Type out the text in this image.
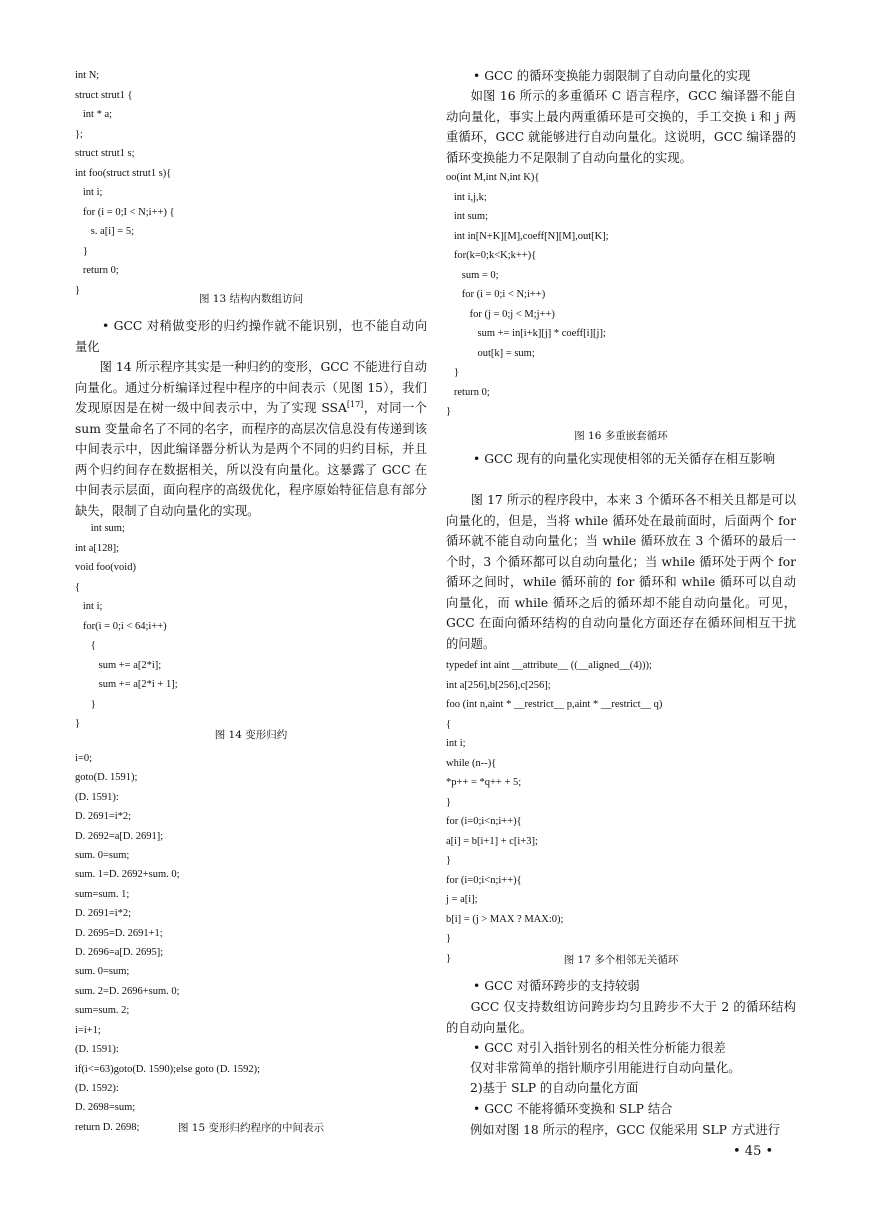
int N;
struct strut1 {
int * a;
};
struct strut1 s;
int foo(struct strut1 s){
int i;
for (i = 0;I < N;i++) {
s. a[i] = 5;
}
return 0;
}
图 13 结构内数组访问
• GCC 对稍做变形的归约操作就不能识别，也不能自动向量化
图 14 所示程序其实是一种归约的变形，GCC 不能进行自动向量化。通过分析编译过程中程序的中间表示（见图 15），我们发现原因是在树一级中间表示中，为了实现 SSA[17]，对同一个 sum 变量命名了不同的名字，而程序的高层次信息没有传递到该中间表示中，因此编译器分析认为是两个不同的归约目标，并且两个归约间存在数据相关，所以没有向量化。这暴露了 GCC 在中间表示层面，面向程序的高级优化，程序原始特征信息有部分缺失，限制了自动向量化的实现。
int sum;
int a[128];
void foo(void)
{
int i;
for(i = 0;i < 64;i++)
{
sum += a[2*i];
sum += a[2*i + 1];
}
}
图 14 变形归约
i=0;
goto(D. 1591);
(D. 1591):
D. 2691=i*2;
D. 2692=a[D. 2691];
sum. 0=sum;
sum. 1=D. 2692+sum. 0;
sum=sum. 1;
D. 2691=i*2;
D. 2695=D. 2691+1;
D. 2696=a[D. 2695];
sum. 0=sum;
sum. 2=D. 2696+sum. 0;
sum=sum. 2;
i=i+1;
(D. 1591):
if(i<=63)goto(D. 1590);else goto (D. 1592);
(D. 1592):
D. 2698=sum;
return D. 2698;	图 15 变形归约程序的中间表示
• GCC 的循环变换能力弱限制了自动向量化的实现
如图 16 所示的多重循环 C 语言程序，GCC 编译器不能自动向量化，事实上最内两重循环是可交换的，手工交换 i 和 j 两重循环，GCC 就能够进行自动向量化。这说明，GCC 编译器的循环变换能力不足限制了自动向量化的实现。
oo(int M,int N,int K){
int i,j,k;
int sum;
int in[N+K][M],coeff[N][M],out[K];
for(k=0;k<K;k++){
sum = 0;
for (i = 0;i < N;i++)
for (j = 0;j < M;j++)
sum += in[i+k][j] * coeff[i][j];
out[k] = sum;
}
return 0;
}
图 16 多重嵌套循环
• GCC 现有的向量化实现使相邻的无关循存在相互影响
图 17 所示的程序段中，本来 3 个循环各不相关且都是可以向量化的，但是，当将 while 循环处在最前面时，后面两个 for 循环就不能自动向量化；当 while 循环放在 3 个循环的最后一个时，3 个循环都可以自动向量化；当 while 循环处于两个 for 循环之间时，while 循环前的 for 循环和 while 循环可以自动向量化，而 while 循环之后的循环却不能自动向量化。可见，GCC 在面向循环结构的自动向量化方面还存在循环间相互干扰的问题。
typedef int aint __attribute__ ((__aligned__(4)));
int a[256],b[256],c[256];
foo (int n,aint * __restrict__ p,aint * __restrict__ q)
{
int i;
while (n--){
*p++ = *q++ + 5;
}
for (i=0;i<n;i++){
a[i] = b[i+1] + c[i+3];
}
for (i=0;i<n;i++){
j = a[i];
b[i] = (j > MAX ? MAX:0);
}
}	图 17 多个相邻无关循环
• GCC 对循环跨步的支持较弱
GCC 仅支持数组访问跨步均匀且跨步不大于 2 的循环结构的自动向量化。
• GCC 对引入指针别名的相关性分析能力很差
仅对非常简单的指针顺序引用能进行自动向量化。
2)基于 SLP 的自动向量化方面
• GCC 不能将循环变换和 SLP 结合
例如对图 18 所示的程序，GCC 仅能采用 SLP 方式进行
• 45 •
